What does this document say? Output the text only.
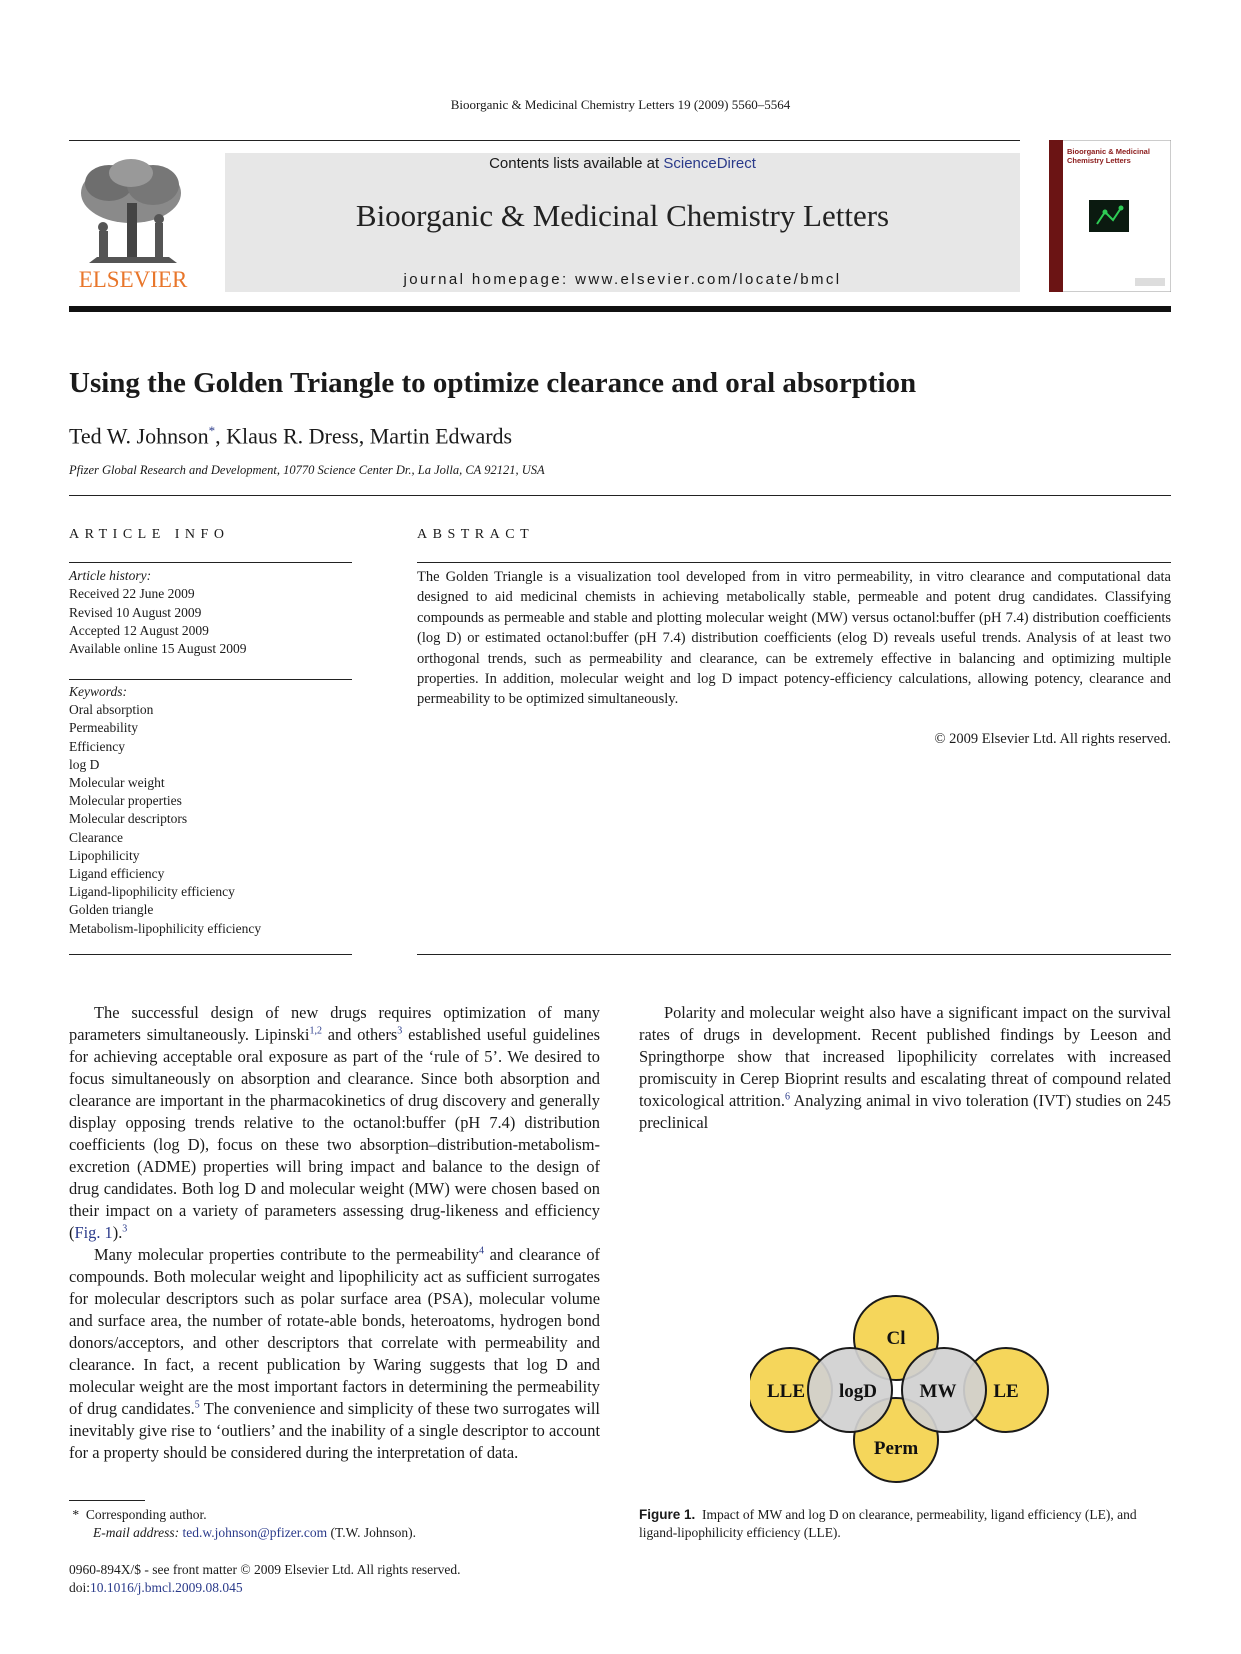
Bioorganic & Medicinal Chemistry Letters 19 (2009) 5560–5564
ELSEVIER
Contents lists available at ScienceDirect
Bioorganic & Medicinal Chemistry Letters
journal homepage: www.elsevier.com/locate/bmcl
Bioorganic & Medicinal
Chemistry Letters
Using the Golden Triangle to optimize clearance and oral absorption
Ted W. Johnson*, Klaus R. Dress, Martin Edwards
Pfizer Global Research and Development, 10770 Science Center Dr., La Jolla, CA 92121, USA
ARTICLE INFO	ABSTRACT
Article history:
Received 22 June 2009
Revised 10 August 2009
Accepted 12 August 2009
Available online 15 August 2009
Keywords:
Oral absorption
Permeability
Efficiency
log D
Molecular weight
Molecular properties
Molecular descriptors
Clearance
Lipophilicity
Ligand efficiency
Ligand-lipophilicity efficiency
Golden triangle
Metabolism-lipophilicity efficiency
The Golden Triangle is a visualization tool developed from in vitro permeability, in vitro clearance and computational data designed to aid medicinal chemists in achieving metabolically stable, permeable and potent drug candidates. Classifying compounds as permeable and stable and plotting molecular weight (MW) versus octanol:buffer (pH 7.4) distribution coefficients (log D) or estimated octanol:buffer (pH 7.4) distribution coefficients (elog D) reveals useful trends. Analysis of at least two orthogonal trends, such as permeability and clearance, can be extremely effective in balancing and optimizing multiple properties. In addition, molecular weight and log D impact potency-efficiency calculations, allowing potency, clearance and permeability to be optimized simultaneously.
© 2009 Elsevier Ltd. All rights reserved.

The successful design of new drugs requires optimization of many parameters simultaneously. Lipinski$^{1,2}$ and others$^3$ established useful guidelines for achieving acceptable oral exposure as part of the ‘rule of 5’. We desired to focus simultaneously on absorption and clearance. Since both absorption and clearance are important in the pharmacokinetics of drug discovery and generally display opposing trends relative to the octanol:buffer (pH 7.4) distribution coefficients (log D), focus on these two absorption–distribution-metabolism-excretion (ADME) properties will bring impact and balance to the design of drug candidates. Both log D and molecular weight (MW) were chosen based on their impact on a variety of parameters assessing drug-likeness and efficiency (Fig. 1).$^3$

Many molecular properties contribute to the permeability$^4$ and clearance of compounds. Both molecular weight and lipophilicity act as sufficient surrogates for molecular descriptors such as polar surface area (PSA), molecular volume and surface area, the number of rotate-able bonds, heteroatoms, hydrogen bond donors/acceptors, and other descriptors that correlate with permeability and clearance. In fact, a recent publication by Waring suggests that log D and molecular weight are the most important factors in determining the permeability of drug candidates.$^5$ The convenience and simplicity of these two surrogates will inevitably give rise to ‘outliers’ and the inability of a single descriptor to account for a property should be considered during the interpretation of data.

Polarity and molecular weight also have a significant impact on the survival rates of drugs in development. Recent published findings by Leeson and Springthorpe show that increased lipophilicity correlates with increased promiscuity in Cerep Bioprint results and escalating threat of compound related toxicological attrition.$^6$ Analyzing animal in vivo toleration (IVT) studies on 245 preclinical

Cl
Perm
LLE	LE
logD MW
Figure 1. Impact of MW and log D on clearance, permeability, ligand efficiency (LE), and ligand-lipophilicity efficiency (LLE).
* Corresponding author.
E-mail address: ted.w.johnson@pfizer.com (T.W. Johnson).
0960-894X/$ - see front matter © 2009 Elsevier Ltd. All rights reserved.
doi:10.1016/j.bmcl.2009.08.045
